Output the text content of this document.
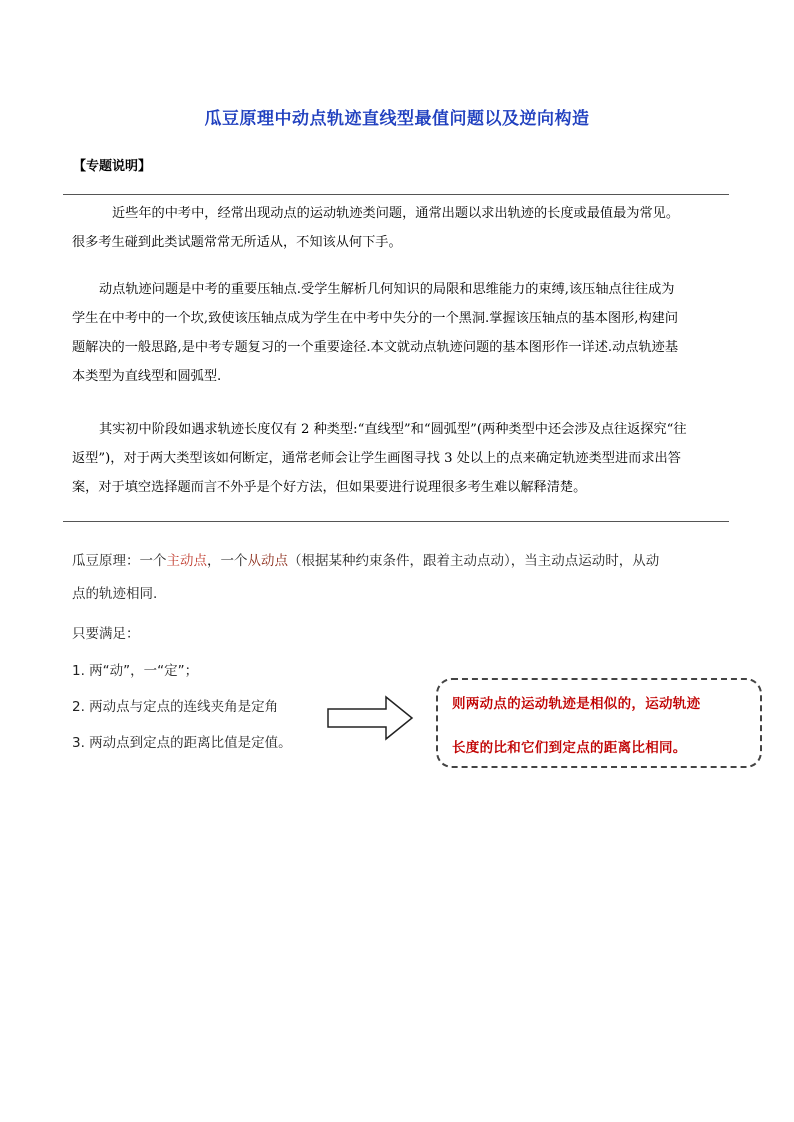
瓜豆原理中动点轨迹直线型最值问题以及逆向构造
【专题说明】
近些年的中考中，经常出现动点的运动轨迹类问题，通常出题以求出轨迹的长度或最值最为常见。
很多考生碰到此类试题常常无所适从，不知该从何下手。
动点轨迹问题是中考的重要压轴点.受学生解析几何知识的局限和思维能力的束缚,该压轴点往往成为
学生在中考中的一个坎,致使该压轴点成为学生在中考中失分的一个黑洞.掌握该压轴点的基本图形,构建问
题解决的一般思路,是中考专题复习的一个重要途径.本文就动点轨迹问题的基本图形作一详述.动点轨迹基
本类型为直线型和圆弧型.
其实初中阶段如遇求轨迹长度仅有 2 种类型:“直线型”和“圆弧型”(两种类型中还会涉及点往返探究“往
返型”)，对于两大类型该如何断定，通常老师会让学生画图寻找 3 处以上的点来确定轨迹类型进而求出答
案，对于填空选择题而言不外乎是个好方法，但如果要进行说理很多考生难以解释清楚。
瓜豆原理：一个主动点，一个从动点（根据某种约束条件，跟着主动点动），当主动点运动时，从动
点的轨迹相同.
只要满足：
1. 两“动”，一“定”；
2. 两动点与定点的连线夹角是定角
3. 两动点到定点的距离比值是定值。
则两动点的运动轨迹是相似的，运动轨迹
长度的比和它们到定点的距离比相同。
